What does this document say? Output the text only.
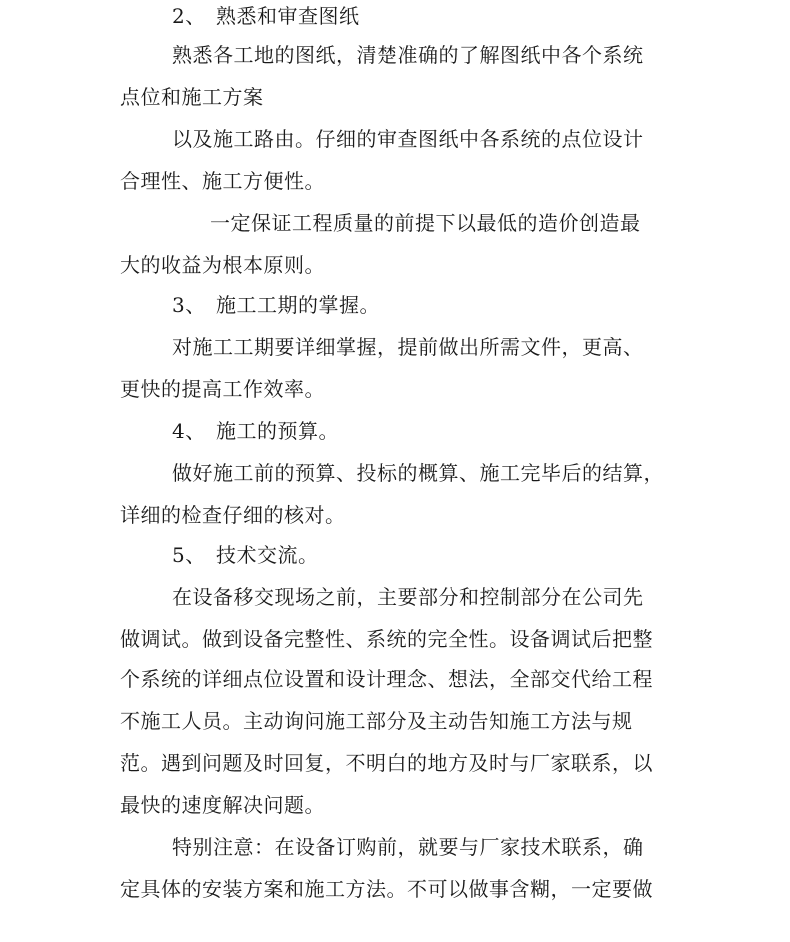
2、 熟悉和审查图纸
熟悉各工地的图纸，清楚准确的了解图纸中各个系统
点位和施工方案
以及施工路由。仔细的审查图纸中各系统的点位设计
合理性、施工方便性。
一定保证工程质量的前提下以最低的造价创造最
大的收益为根本原则。
3、 施工工期的掌握。
对施工工期要详细掌握，提前做出所需文件，更高、
更快的提高工作效率。
4、 施工的预算。
做好施工前的预算、投标的概算、施工完毕后的结算，
详细的检查仔细的核对。
5、 技术交流。
在设备移交现场之前，主要部分和控制部分在公司先
做调试。做到设备完整性、系统的完全性。设备调试后把整
个系统的详细点位设置和设计理念、想法，全部交代给工程
不施工人员。主动询问施工部分及主动告知施工方法与规
范。遇到问题及时回复，不明白的地方及时与厂家联系，以
最快的速度解决问题。
特别注意：在设备订购前，就要与厂家技术联系，确
定具体的安装方案和施工方法。不可以做事含糊，一定要做
